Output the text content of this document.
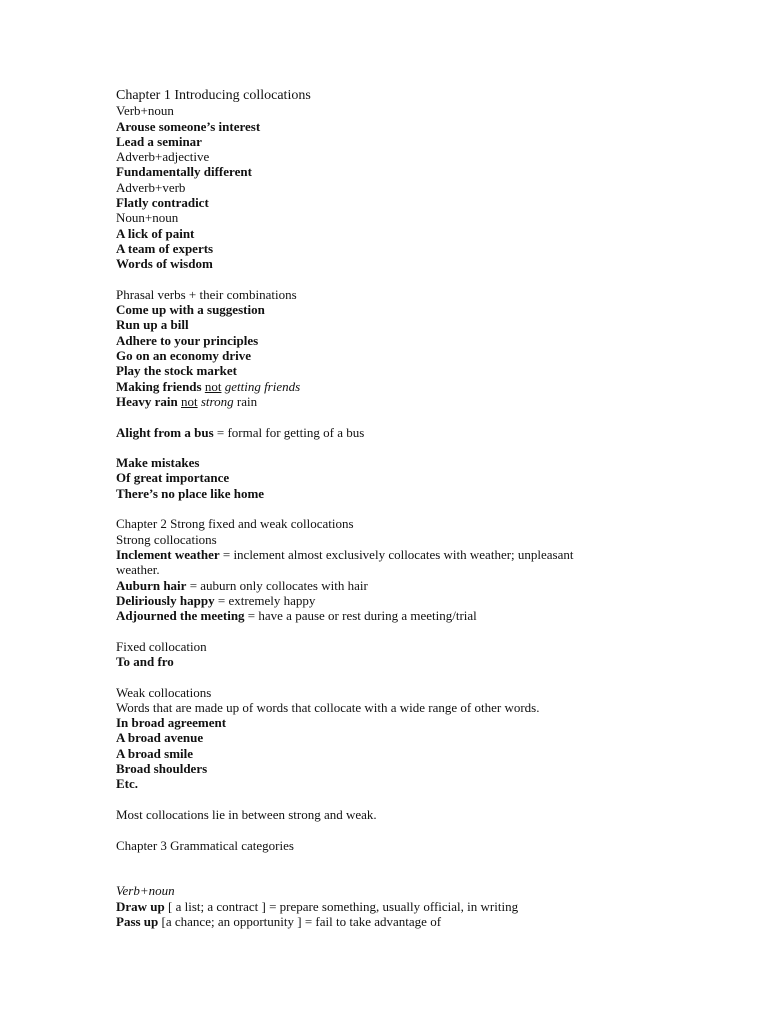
Chapter 1 Introducing collocations
Verb+noun
Arouse someone’s interest
Lead a seminar
Adverb+adjective
Fundamentally different
Adverb+verb
Flatly contradict
Noun+noun
A lick of paint
A team of experts
Words of wisdom
Phrasal verbs + their combinations
Come up with a suggestion
Run up a bill
Adhere to your principles
Go on an economy drive
Play the stock market
Making friends not getting friends
Heavy rain not strong rain
Alight from a bus = formal for getting of a bus
Make mistakes
Of great importance
There’s no place like home
Chapter 2 Strong fixed and weak collocations
Strong collocations
Inclement weather = inclement almost exclusively collocates with weather; unpleasant weather.
Auburn hair = auburn only collocates with hair
Deliriously happy = extremely happy
Adjourned the meeting = have a pause or rest during a meeting/trial
Fixed collocation
To and fro
Weak collocations
Words that are made up of words that collocate with a wide range of other words.
In broad agreement
A broad avenue
A broad smile
Broad shoulders
Etc.
Most collocations lie in between strong and weak.
Chapter 3 Grammatical categories
Verb+noun
Draw up [ a list; a contract ] = prepare something, usually official, in writing
Pass up [a chance; an opportunity ] = fail to take advantage of
